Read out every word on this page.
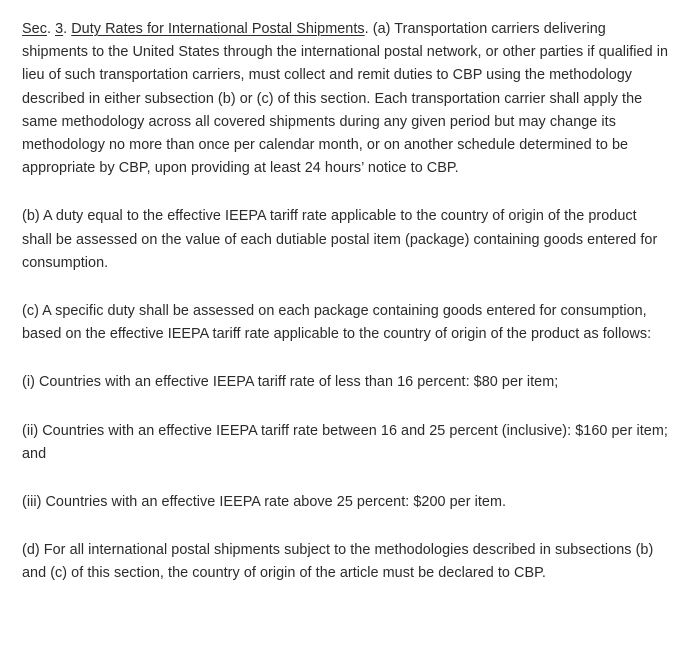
Sec. 3. Duty Rates for International Postal Shipments. (a) Transportation carriers delivering shipments to the United States through the international postal network, or other parties if qualified in lieu of such transportation carriers, must collect and remit duties to CBP using the methodology described in either subsection (b) or (c) of this section. Each transportation carrier shall apply the same methodology across all covered shipments during any given period but may change its methodology no more than once per calendar month, or on another schedule determined to be appropriate by CBP, upon providing at least 24 hours’ notice to CBP.

(b) A duty equal to the effective IEEPA tariff rate applicable to the country of origin of the product shall be assessed on the value of each dutiable postal item (package) containing goods entered for consumption.

(c) A specific duty shall be assessed on each package containing goods entered for consumption, based on the effective IEEPA tariff rate applicable to the country of origin of the product as follows:

(i) Countries with an effective IEEPA tariff rate of less than 16 percent: $80 per item;

(ii) Countries with an effective IEEPA tariff rate between 16 and 25 percent (inclusive): $160 per item; and

(iii) Countries with an effective IEEPA rate above 25 percent: $200 per item.

(d) For all international postal shipments subject to the methodologies described in subsections (b) and (c) of this section, the country of origin of the article must be declared to CBP.
